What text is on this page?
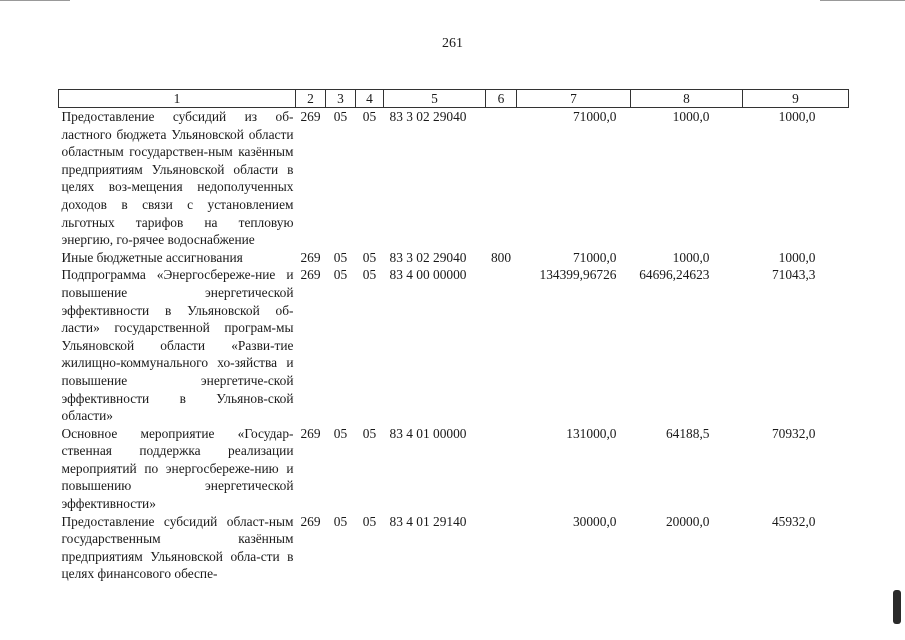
261
1	2	3	4	5	6	7	8	9
Предоставление субсидий из об-ластного бюджета Ульяновской области областным государствен-ным казённым предприятиям Ульяновской области в целях воз-мещения недополученных доходов в связи с установлением льготных тарифов на тепловую энергию, го-рячее водоснабжение	269	05	05	83 3 02 29040		71000,0	1000,0	1000,0
Иные бюджетные ассигнования	269	05	05	83 3 02 29040	800	71000,0	1000,0	1000,0
Подпрограмма «Энергосбереже-ние и повышение энергетической эффективности в Ульяновской об-ласти» государственной програм-мы Ульяновской области «Разви-тие жилищно-коммунального хо-зяйства и повышение энергетиче-ской эффективности в Ульянов-ской области»	269	05	05	83 4 00 00000		134399,96726	64696,24623	71043,3
Основное мероприятие «Государ-ственная поддержка реализации мероприятий по энергосбереже-нию и повышению энергетической эффективности»	269	05	05	83 4 01 00000		131000,0	64188,5	70932,0
Предоставление субсидий област-ным государственным казённым предприятиям Ульяновской обла-сти в целях финансового обеспе-	269	05	05	83 4 01 29140		30000,0	20000,0	45932,0
